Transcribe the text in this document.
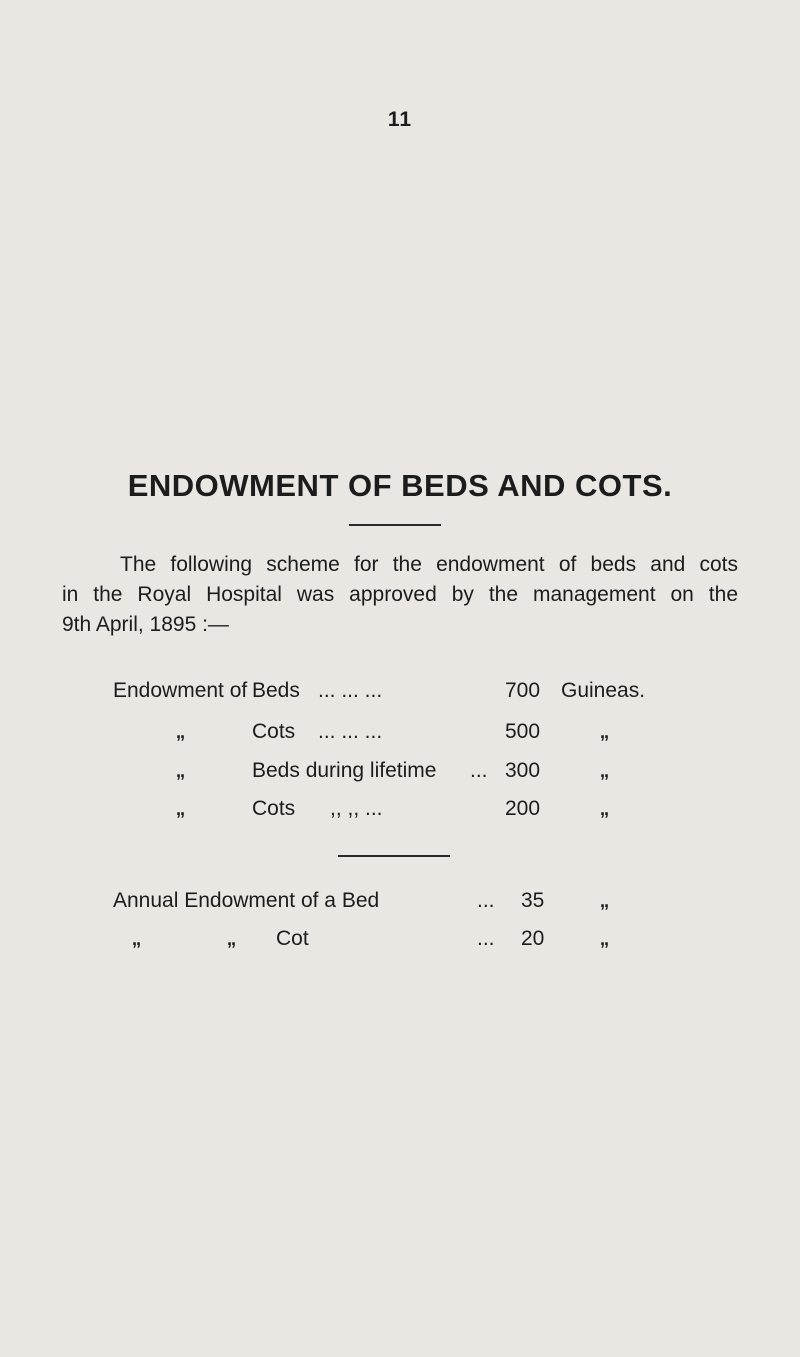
11
ENDOWMENT OF BEDS AND COTS.
The following scheme for the endowment of beds and cots
in the Royal Hospital was approved by the management on the
9th April, 1895 :—
Endowment of Beds ... ... ...	700 Guineas.
,,	Cots ... ... ...	500	,,
,,	Beds during lifetime ... 300	,,
,,	Cots ,, ,, ...	200	,,
Annual Endowment of a Bed	... 35	,,
,,	,, Cot	... 20	,,
